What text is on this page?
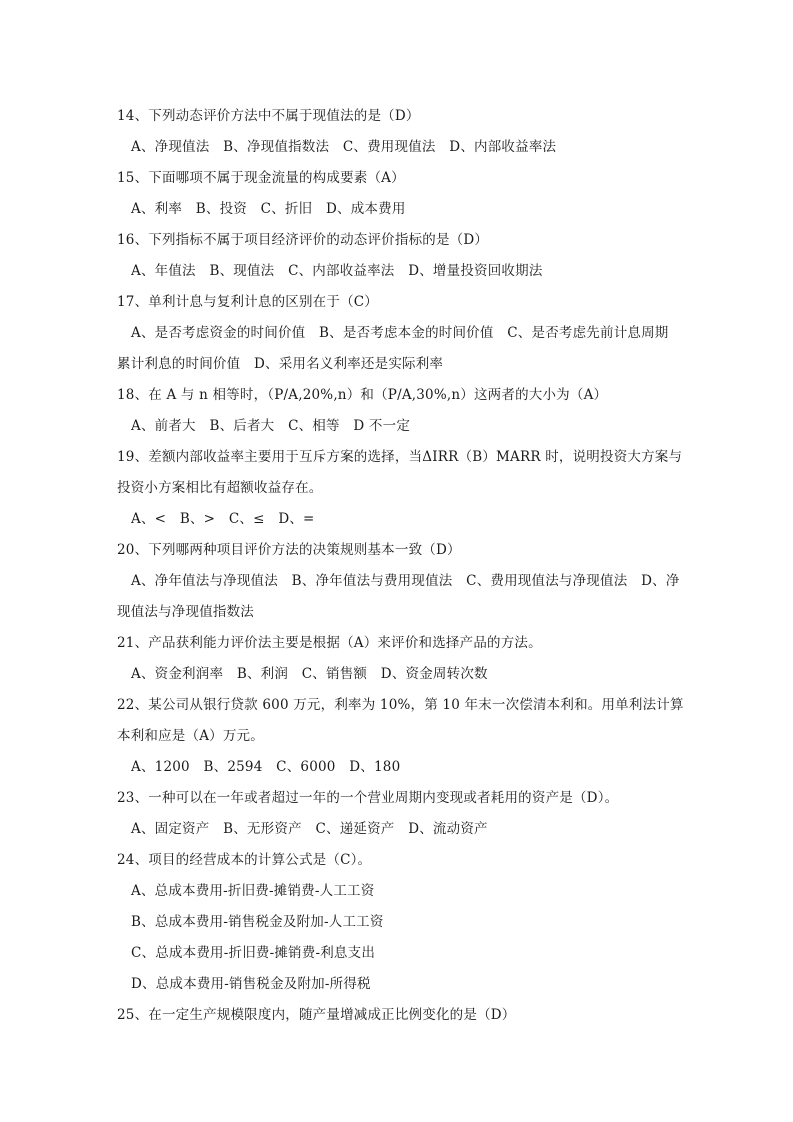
14、下列动态评价方法中不属于现值法的是（D）
A、净现值法　B、净现值指数法　C、费用现值法　D、内部收益率法
15、下面哪项不属于现金流量的构成要素（A）
A、利率　B、投资　C、折旧　D、成本费用
16、下列指标不属于项目经济评价的动态评价指标的是（D）
A、年值法　B、现值法　C、内部收益率法　D、增量投资回收期法
17、单利计息与复利计息的区别在于（C）
A、是否考虑资金的时间价值　B、是否考虑本金的时间价值　C、是否考虑先前计息周期
累计利息的时间价值　D、采用名义利率还是实际利率
18、在 A 与 n 相等时，（P/A,20%,n）和（P/A,30%,n）这两者的大小为（A）
A、前者大　B、后者大　C、相等　D 不一定
19、差额内部收益率主要用于互斥方案的选择，当ΔIRR（B）MARR 时，说明投资大方案与
投资小方案相比有超额收益存在。
A、<　B、>　C、≤　D、=
20、下列哪两种项目评价方法的决策规则基本一致（D）
A、净年值法与净现值法　B、净年值法与费用现值法　C、费用现值法与净现值法　D、净
现值法与净现值指数法
21、产品获利能力评价法主要是根据（A）来评价和选择产品的方法。
A、资金利润率　B、利润　C、销售额　D、资金周转次数
22、某公司从银行贷款 600 万元，利率为 10%，第 10 年末一次偿清本利和。用单利法计算
本利和应是（A）万元。
A、1200　B、2594　C、6000　D、180
23、一种可以在一年或者超过一年的一个营业周期内变现或者耗用的资产是（D）。
A、固定资产　B、无形资产　C、递延资产　D、流动资产
24、项目的经营成本的计算公式是（C）。
A、总成本费用-折旧费-摊销费-人工工资
B、总成本费用-销售税金及附加-人工工资
C、总成本费用-折旧费-摊销费-利息支出
D、总成本费用-销售税金及附加-所得税
25、在一定生产规模限度内，随产量增减成正比例变化的是（D）
